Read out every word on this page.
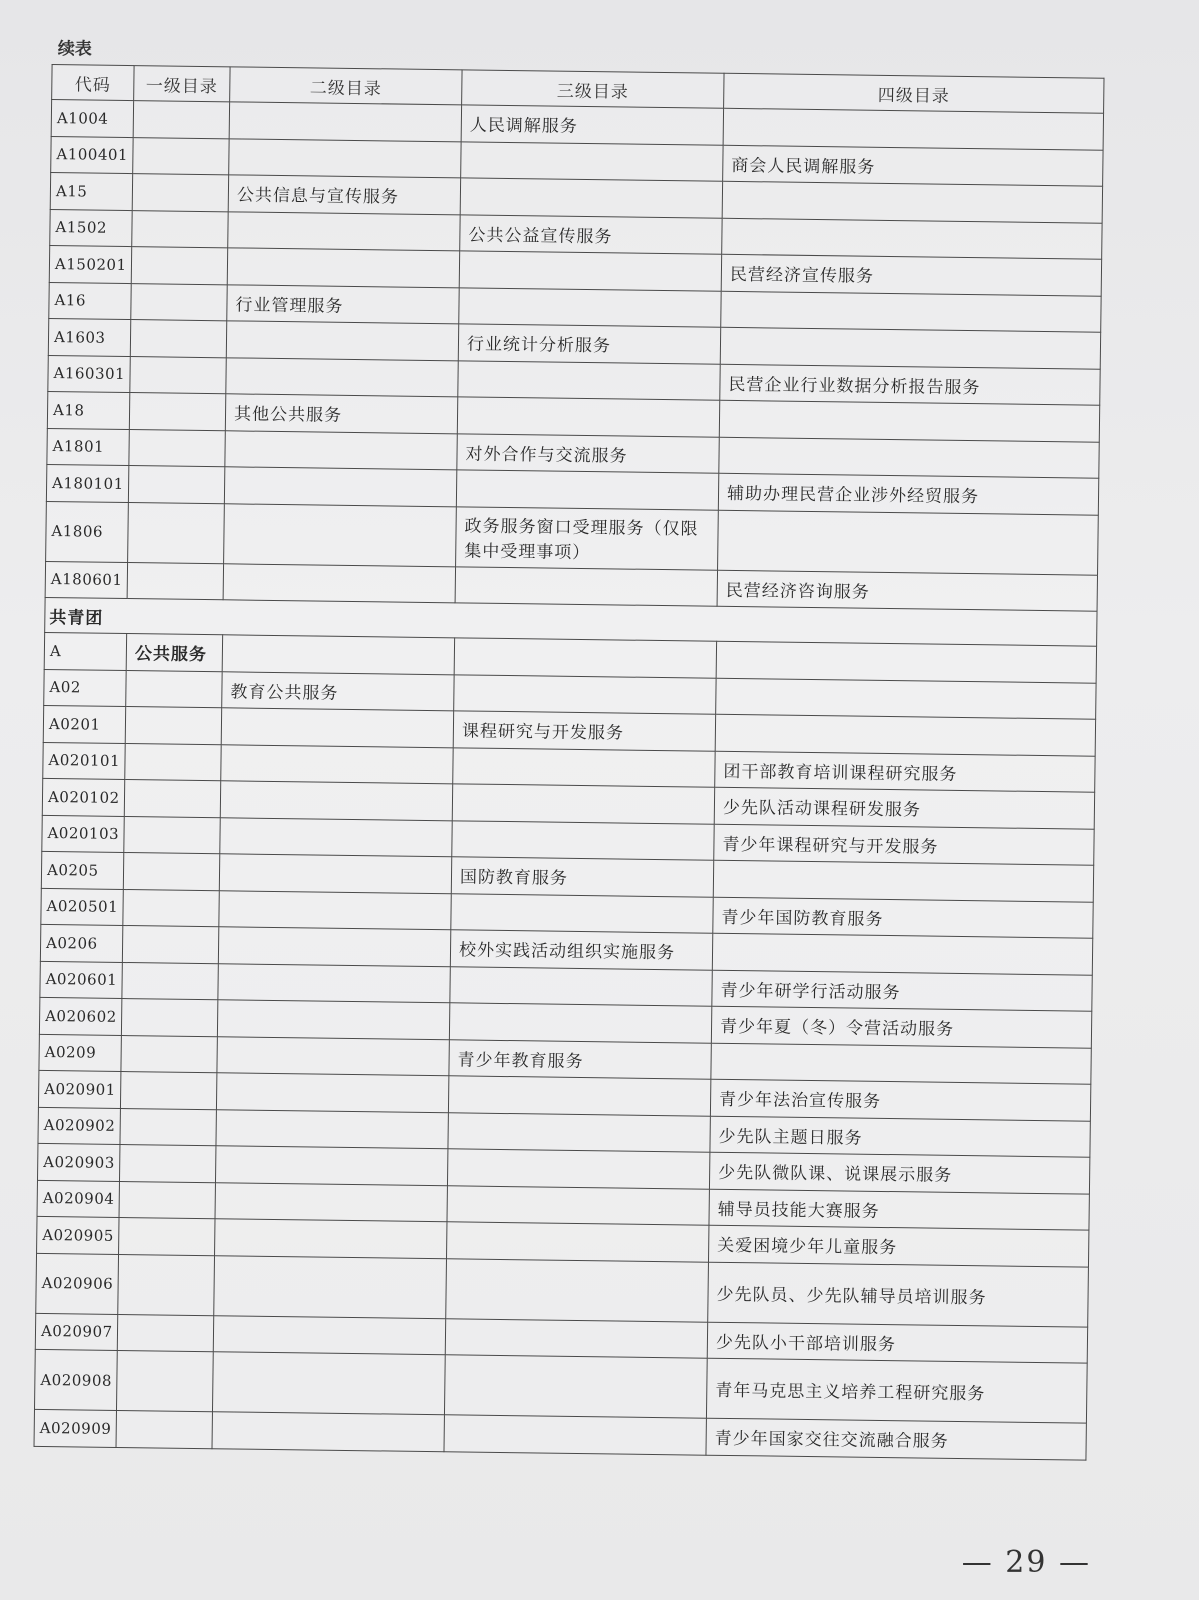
续表
代码	一级目录	二级目录	三级目录	四级目录
A1004			人民调解服务	
A100401				商会人民调解服务
A15		公共信息与宣传服务		
A1502			公共公益宣传服务	
A150201				民营经济宣传服务
A16		行业管理服务		
A1603			行业统计分析服务	
A160301				民营企业行业数据分析报告服务
A18		其他公共服务		
A1801			对外合作与交流服务	
A180101				辅助办理民营企业涉外经贸服务
A1806			政务服务窗口受理服务（仅限集中受理事项）	
A180601				民营经济咨询服务
共青团				
A	公共服务			
A02		教育公共服务		
A0201			课程研究与开发服务	
A020101				团干部教育培训课程研究服务
A020102				少先队活动课程研发服务
A020103				青少年课程研究与开发服务
A0205			国防教育服务	
A020501				青少年国防教育服务
A0206			校外实践活动组织实施服务	
A020601				青少年研学行活动服务
A020602				青少年夏（冬）令营活动服务
A0209			青少年教育服务	
A020901				青少年法治宣传服务
A020902				少先队主题日服务
A020903				少先队微队课、说课展示服务
A020904				辅导员技能大赛服务
A020905				关爱困境少年儿童服务
A020906				少先队员、少先队辅导员培训服务
A020907				少先队小干部培训服务
A020908				青年马克思主义培养工程研究服务
A020909				青少年国家交往交流融合服务
— 29 —
